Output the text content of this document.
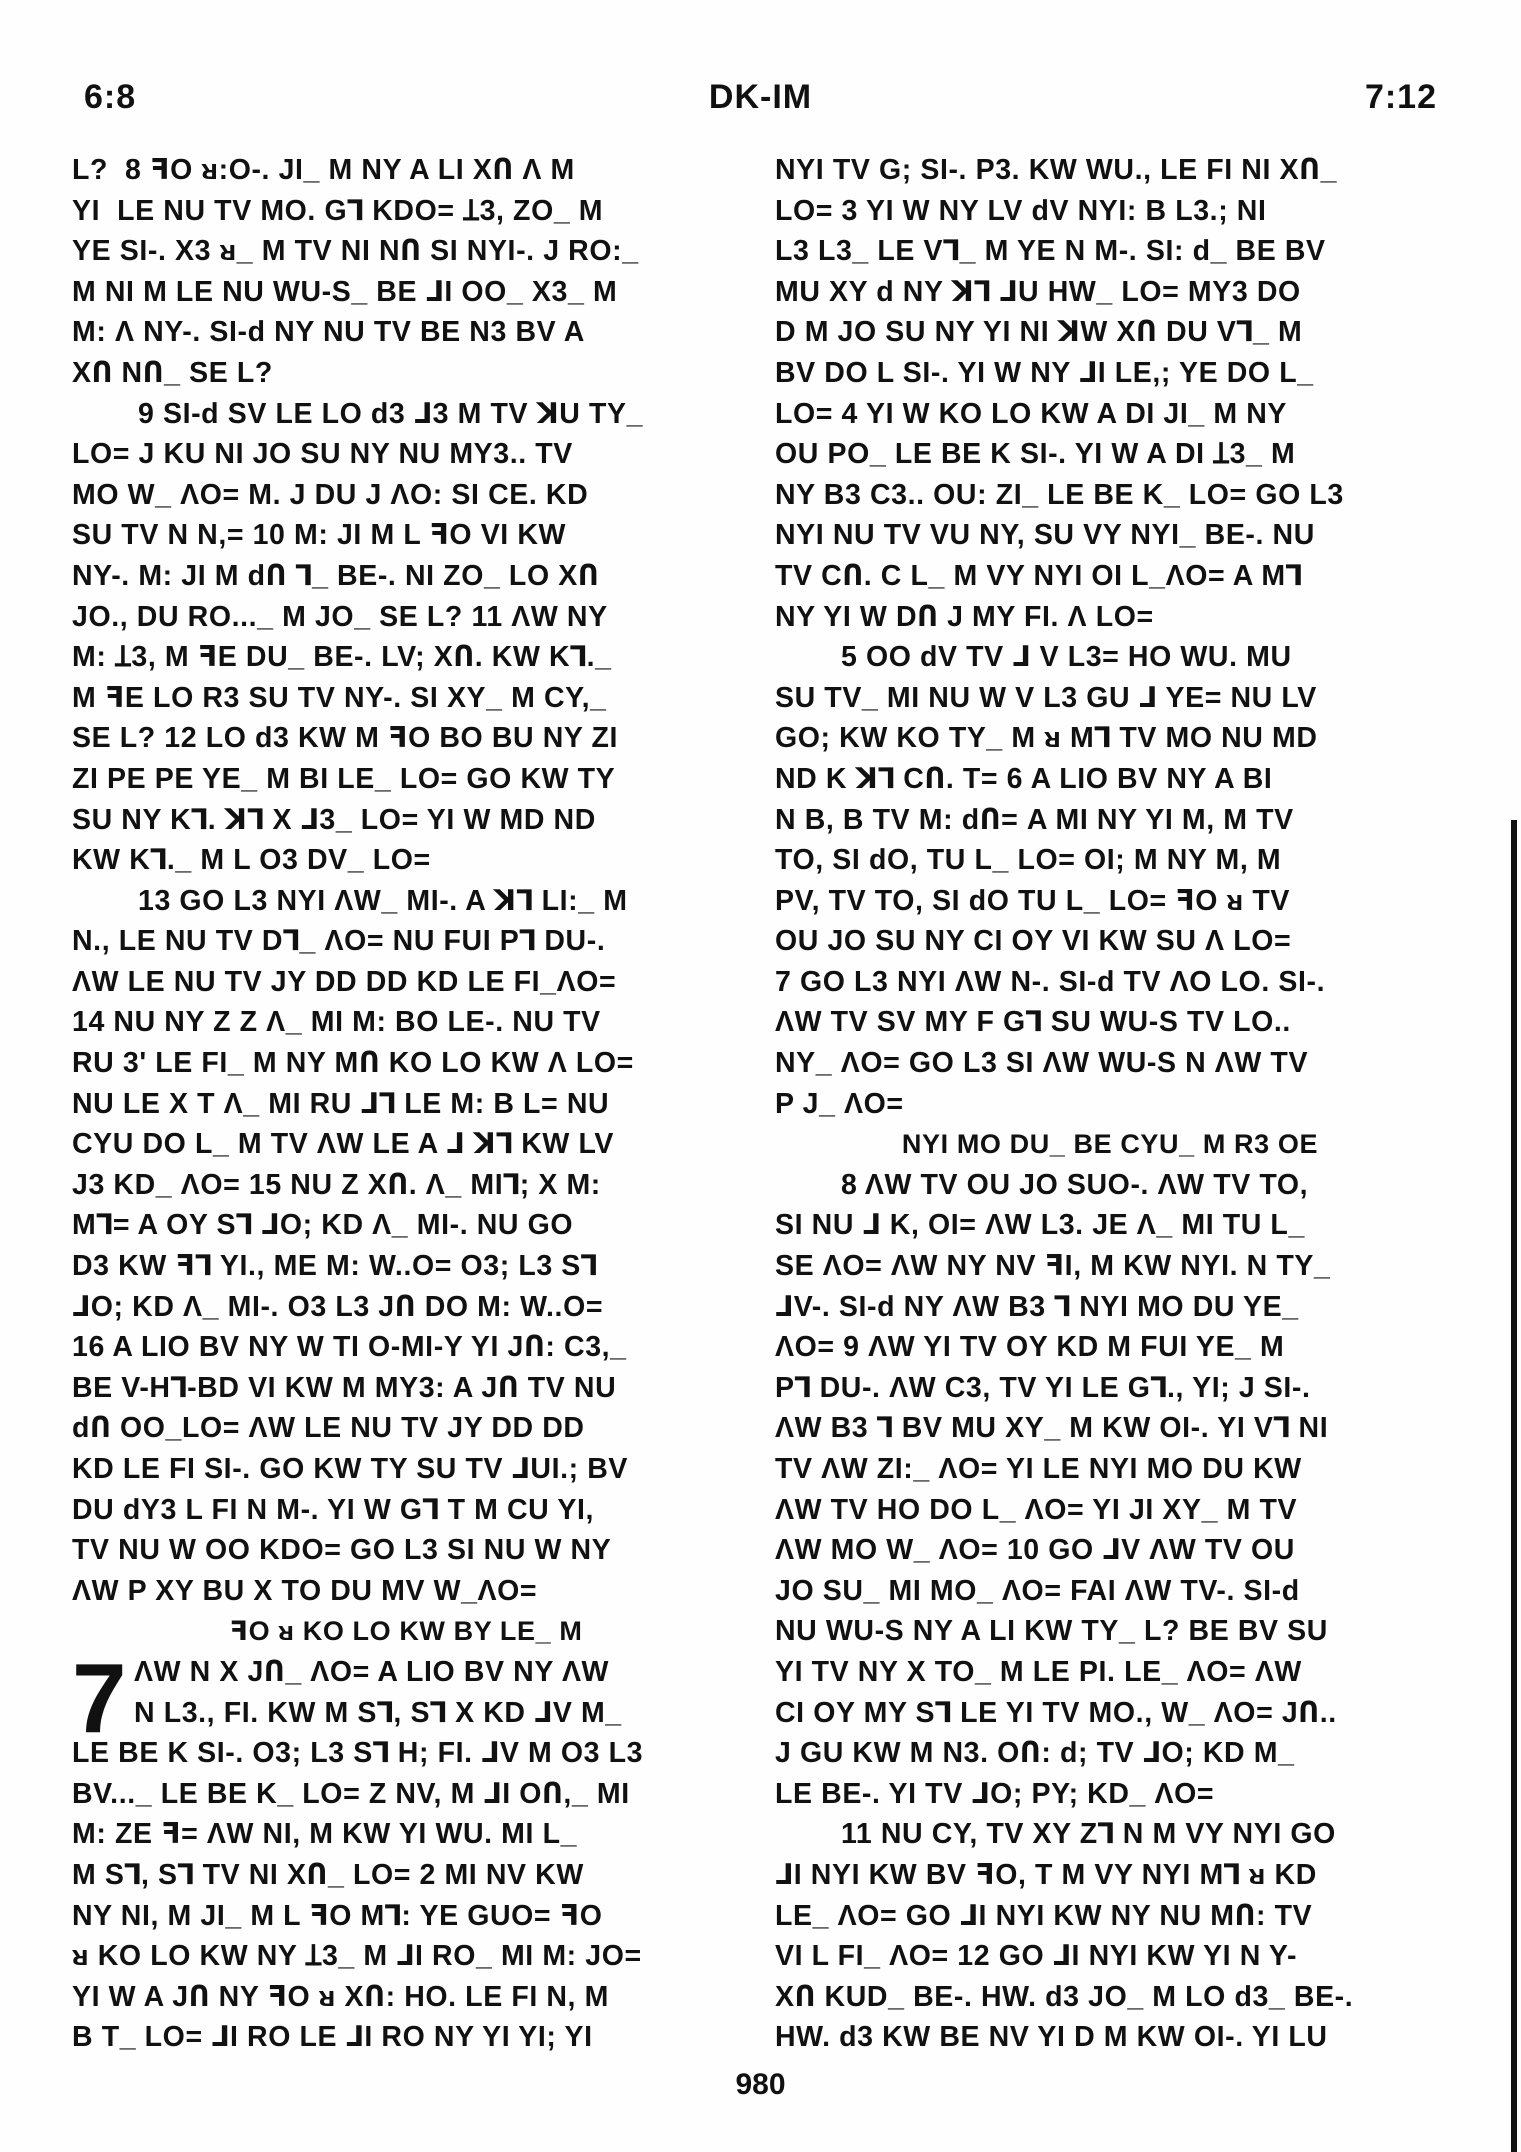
6:8	DK-IM	7:12
L?  8 ꟻO ᴚ:O-. JI_ M NY A LI XՈ Λ M
YI  LE NU TV MO. G⅂ KDO= Ʇ3, ZO_ M
YE SI-. X3 ᴚ_ M TV NI NՈ SI NYI-. J RO:_
M NI M LE NU WU-S_ BE ⅃I OO_ X3_ M
M: Λ NY-. SI-ԁ NY NU TV BE N3 BV A
XՈ NՈ_ SE L?
9 SI-ԁ SV LE LO ԁ3 ⅃3 M TV ꓘU TY_
LO= J KU NI JO SU NY NU MY3.. TV
MO W_ ΛO= M. J DU J ΛO: SI CE. KD
SU TV N N,= 10 M: JI M L ꟻO VI KW
NY-. M: JI M ԁՈ ⅂_ BE-. NI ZO_ LO XՈ
JO., DU RO..._ M JO_ SE L? 11 ΛW NY
M: Ʇ3, M ꟻE DU_ BE-. LV; XՈ. KW K⅂._
M ꟻE LO R3 SU TV NY-. SI XY_ M CY,_
SE L? 12 LO ԁ3 KW M ꟻO BO BU NY ZI
ZI PE PE YE_ M BI LE_ LO= GO KW TY
SU NY K⅂. ꓘ⅂ X ⅃3_ LO= YI W MD ND
KW K⅂._ M L O3 DV_ LO=
13 GO L3 NYI ΛW_ MI-. A ꓘ⅂ LI:_ M
N., LE NU TV D⅂_ ΛO= NU FUI P⅂ DU-.
ΛW LE NU TV JY DD DD KD LE FI_ΛO=
14 NU NY Z Z Λ_ MI M: BO LE-. NU TV
RU 3' LE FI_ M NY MՈ KO LO KW Λ LO=
NU LE X T Λ_ MI RU ⅃⅂ LE M: B L= NU
CYU DO L_ M TV ΛW LE A ⅃ ꓘ⅂ KW LV
J3 KD_ ΛO= 15 NU Z XՈ. Λ_ MI⅂; X M:
M⅂= A OY S⅂ ⅃O; KD Λ_ MI-. NU GO
D3 KW ꟻ⅂ YI., ME M: W..O= O3; L3 S⅂
⅃O; KD Λ_ MI-. O3 L3 JՈ DO M: W..O=
16 A LIO BV NY W TI O-MI-Y YI JՈ: C3,_
BE V-H⅂-BD VI KW M MY3: A JՈ TV NU
ԁՈ OO_LO= ΛW LE NU TV JY DD DD
KD LE FI SI-. GO KW TY SU TV ⅃UI.; BV
DU ԁY3 L FI N M-. YI W G⅂ T M CU YI,
TV NU W OO KDO= GO L3 SI NU W NY
ΛW P XY BU X TO DU MV W_ΛO=
ꟻO ᴚ KO LO KW BY LE_ M
7 ΛW N X JՈ_ ΛO= A LIO BV NY ΛW
N L3., FI. KW M S⅂, S⅂ X KD ⅃V M_
LE BE K SI-. O3; L3 S⅂ H; FI. ⅃V M O3 L3
BV..._ LE BE K_ LO= Z NV, M ⅃I OՈ,_ MI
M: ZE ꟻ= ΛW NI, M KW YI WU. MI L_
M S⅂, S⅂ TV NI XՈ_ LO= 2 MI NV KW
NY NI, M JI_ M L ꟻO M⅂: YE GUO= ꟻO
ᴚ KO LO KW NY Ʇ3_ M ⅃I RO_ MI M: JO=
YI W A JՈ NY ꟻO ᴚ XՈ: HO. LE FI N, M
B T_ LO= ⅃I RO LE ⅃I RO NY YI YI; YI
NYI TV G; SI-. P3. KW WU., LE FI NI XՈ_
LO= 3 YI W NY LV ԁV NYI: B L3.; NI
L3 L3_ LE V⅂_ M YE N M-. SI: ԁ_ BE BV
MU XY ԁ NY ꓘ⅂ ⅃U HW_ LO= MY3 DO
D M JO SU NY YI NI ꓘW XՈ DU V⅂_ M
BV DO L SI-. YI W NY ⅃I LE,; YE DO L_
LO= 4 YI W KO LO KW A DI JI_ M NY
OU PO_ LE BE K SI-. YI W A DI Ʇ3_ M
NY B3 C3.. OU: ZI_ LE BE K_ LO= GO L3
NYI NU TV VU NY, SU VY NYI_ BE-. NU
TV CՈ. C L_ M VY NYI OI L_ΛO= A M⅂
NY YI W DՈ J MY FI. Λ LO=
5 OO ԁV TV ⅃ V L3= HO WU. MU
SU TV_ MI NU W V L3 GU ⅃ YE= NU LV
GO; KW KO TY_ M ᴚ M⅂ TV MO NU MD
ND K ꓘ⅂ CՈ. T= 6 A LIO BV NY A BI
N B, B TV M: ԁՈ= A MI NY YI M, M TV
TO, SI ԁO, TU L_ LO= OI; M NY M, M
PV, TV TO, SI ԁO TU L_ LO= ꟻO ᴚ TV
OU JO SU NY CI OY VI KW SU Λ LO=
7 GO L3 NYI ΛW N-. SI-ԁ TV ΛO LO. SI-.
ΛW TV SV MY F G⅂ SU WU-S TV LO..
NY_ ΛO= GO L3 SI ΛW WU-S N ΛW TV
P J_ ΛO=
NYI MO DU_ BE CYU_ M R3 OE
8 ΛW TV OU JO SUO-. ΛW TV TO,
SI NU ⅃ K, OI= ΛW L3. JE Λ_ MI TU L_
SE ΛO= ΛW NY NV ꟻI, M KW NYI. N TY_
⅃V-. SI-ԁ NY ΛW B3 ⅂ NYI MO DU YE_
ΛO= 9 ΛW YI TV OY KD M FUI YE_ M
P⅂ DU-. ΛW C3, TV YI LE G⅂., YI; J SI-.
ΛW B3 ⅂ BV MU XY_ M KW OI-. YI V⅂ NI
TV ΛW ZI:_ ΛO= YI LE NYI MO DU KW
ΛW TV HO DO L_ ΛO= YI JI XY_ M TV
ΛW MO W_ ΛO= 10 GO ⅃V ΛW TV OU
JO SU_ MI MO_ ΛO= FAI ΛW TV-. SI-ԁ
NU WU-S NY A LI KW TY_ L? BE BV SU
YI TV NY X TO_ M LE PI. LE_ ΛO= ΛW
CI OY MY S⅂ LE YI TV MO., W_ ΛO= JՈ..
J GU KW M N3. OՈ: ԁ; TV ⅃O; KD M_
LE BE-. YI TV ⅃O; PY; KD_ ΛO=
11 NU CY, TV XY Z⅂ N M VY NYI GO
⅃I NYI KW BV ꟻO, T M VY NYI M⅂ ᴚ KD
LE_ ΛO= GO ⅃I NYI KW NY NU MՈ: TV
VI L FI_ ΛO= 12 GO ⅃I NYI KW YI N Y-
XՈ KUD_ BE-. HW. ԁ3 JO_ M LO ԁ3_ BE-.
HW. ԁ3 KW BE NV YI D M KW OI-. YI LU
980
